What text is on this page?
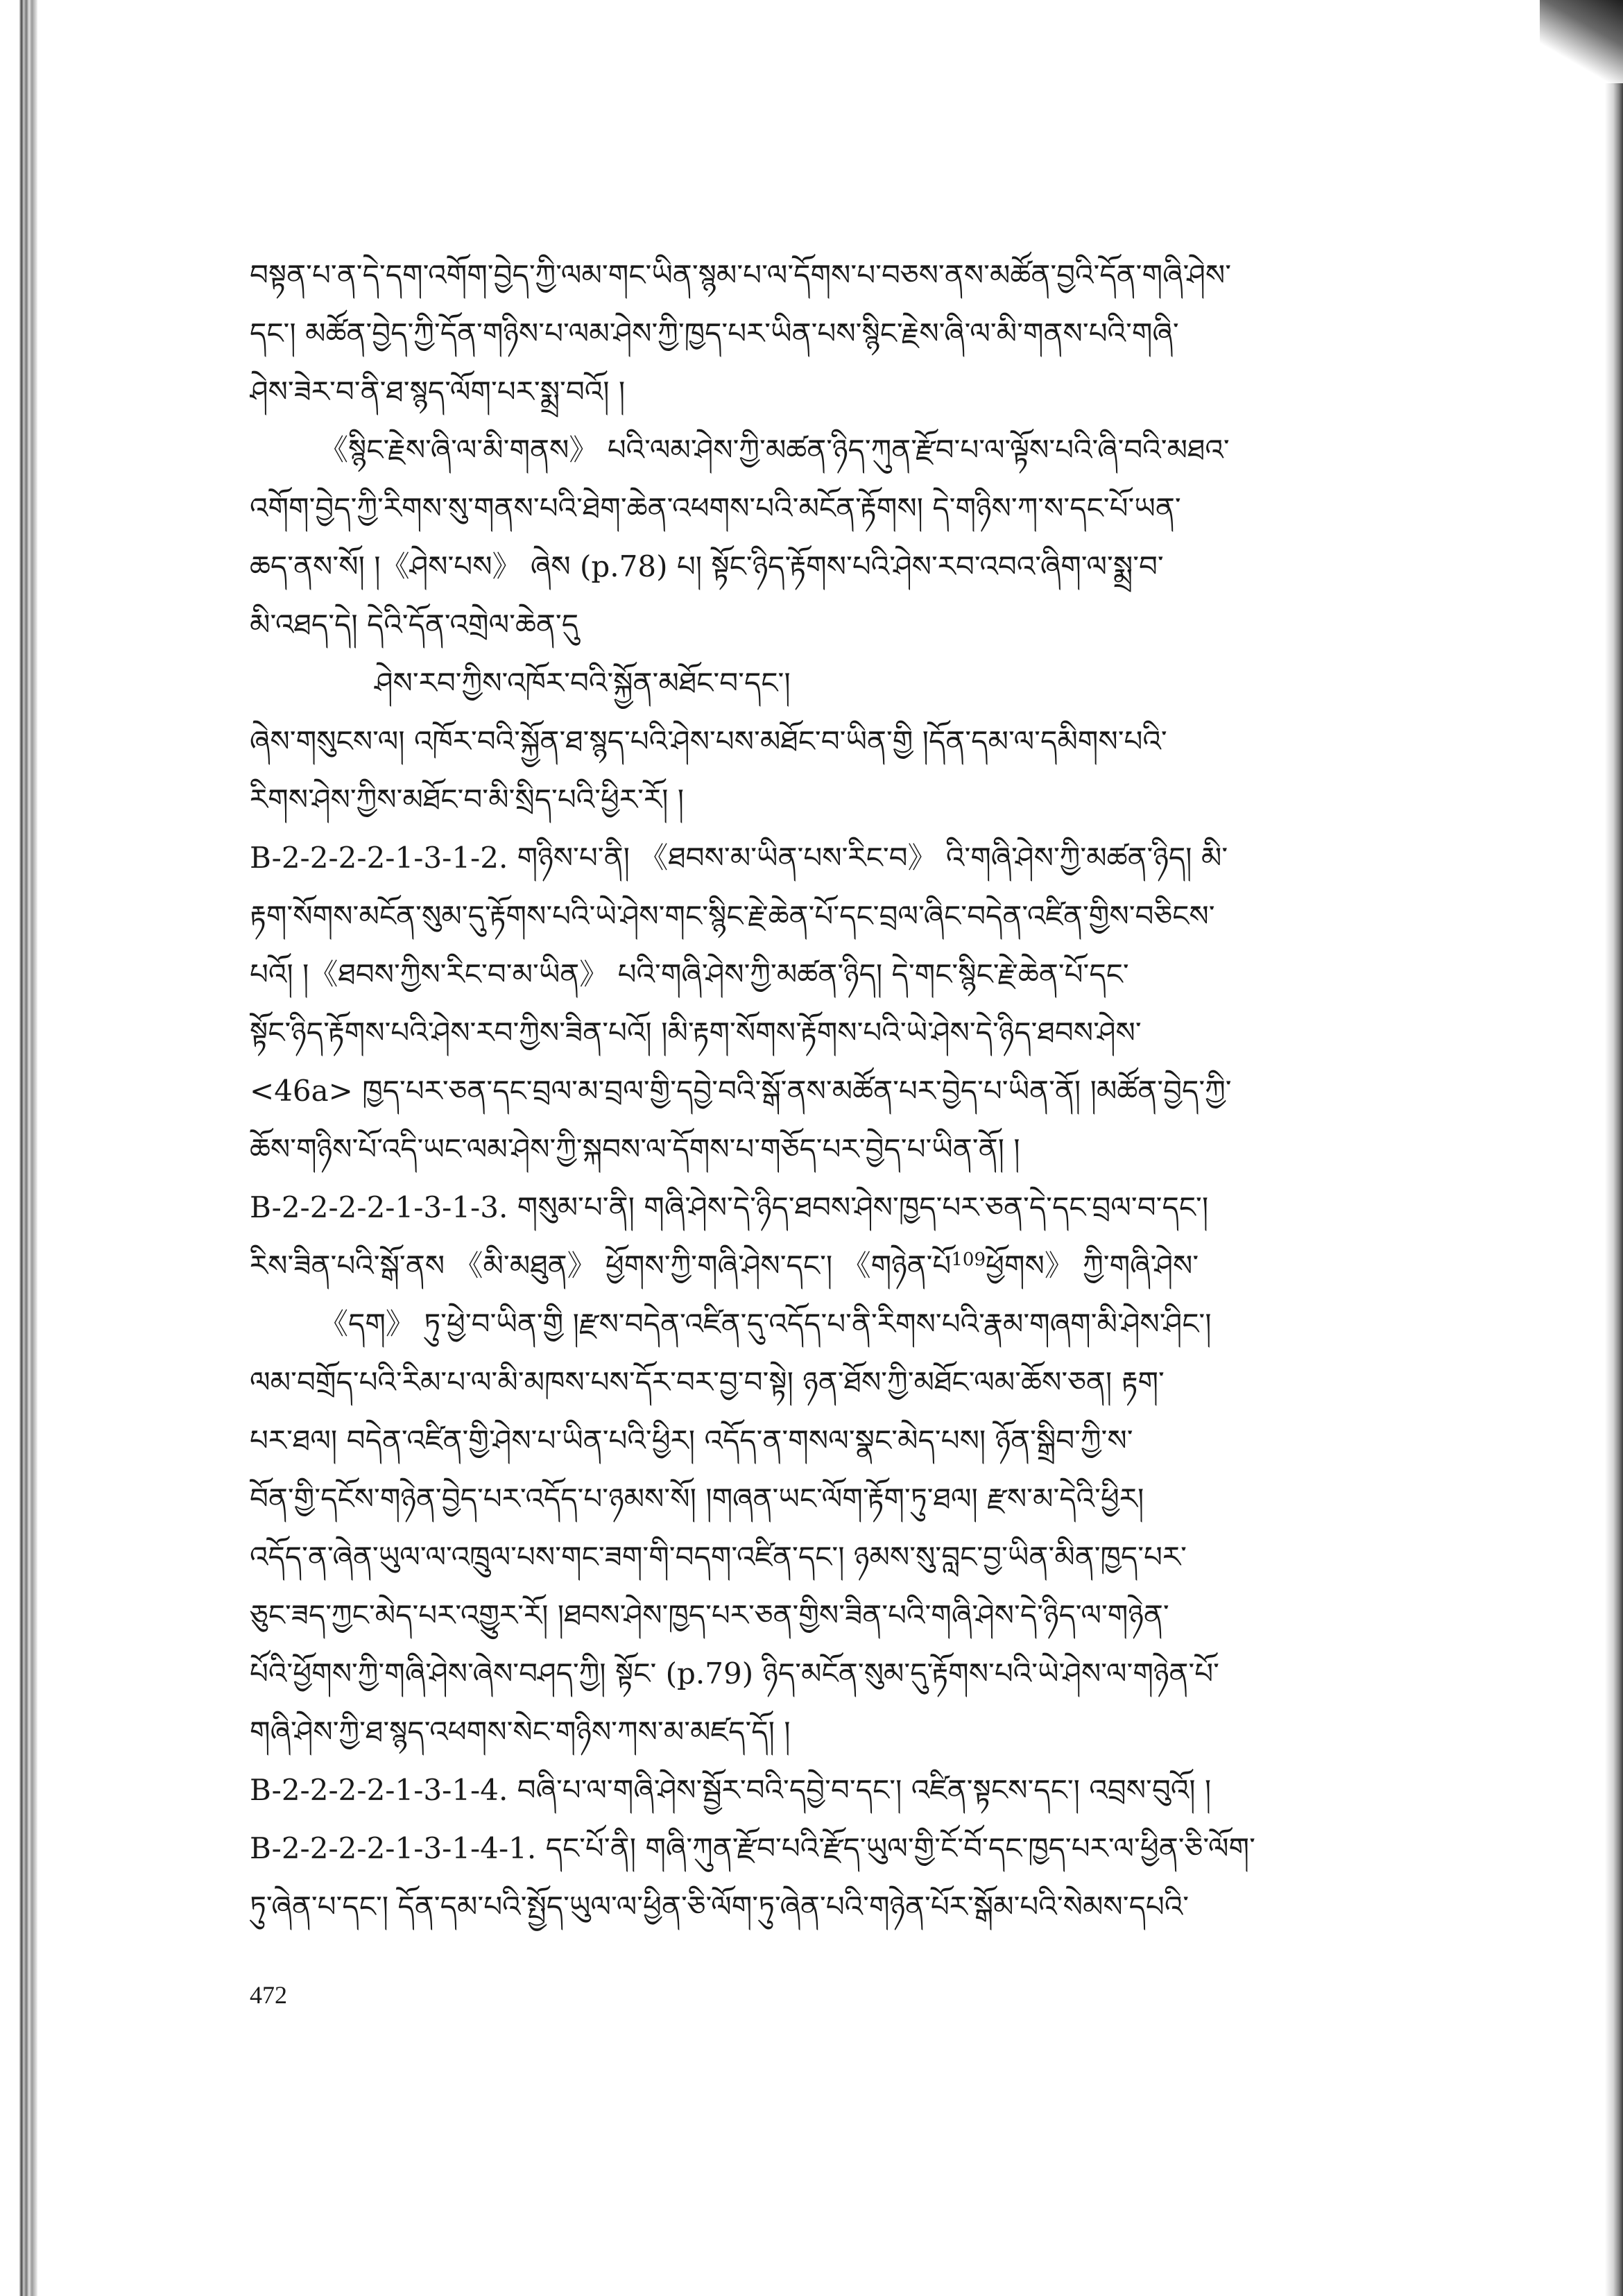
བསྟན་པ་ན་དེ་དག་འགོག་བྱེད་ཀྱི་ལམ་གང་ཡིན་སྙམ་པ་ལ་དོགས་པ་བཅས་ནས་མཚོན་བྱའི་དོན་གཞི་ཤེས་
དང་། མཚོན་བྱེད་ཀྱི་དོན་གཉིས་པ་ལམ་ཤེས་ཀྱི་ཁྱད་པར་ཡིན་པས་སྙིང་རྗེས་ཞི་ལ་མི་གནས་པའི་གཞི་
ཤེས་ཟེར་བ་ནི་ཐ་སྙད་ལོག་པར་སྨྲ་བའོ། །
《སྙིང་རྗེས་ཞི་ལ་མི་གནས》 པའི་ལམ་ཤེས་ཀྱི་མཚན་ཉིད་ཀུན་རྫོབ་པ་ལ་ལྟོས་པའི་ཞི་བའི་མཐའ་
འགོག་བྱེད་ཀྱི་རིགས་སུ་གནས་པའི་ཐེག་ཆེན་འཕགས་པའི་མངོན་རྟོགས། དེ་གཉིས་ཀ་ས་དང་པོ་ཡན་
ཆད་ནས་སོ། །《ཤེས་པས》 ཞེས (p.78) པ། སྟོང་ཉིད་རྟོགས་པའི་ཤེས་རབ་འབའ་ཞིག་ལ་སྨྲ་བ་
མི་འཐད་དེ། དེའི་དོན་འགྲེལ་ཆེན་དུ
ཤེས་རབ་ཀྱིས་འཁོར་བའི་སྐྱོན་མཐོང་བ་དང་།
ཞེས་གསུངས་ལ། འཁོར་བའི་སྐྱོན་ཐ་སྙད་པའི་ཤེས་པས་མཐོང་བ་ཡིན་གྱི །དོན་དམ་ལ་དམིགས་པའི་
རིགས་ཤེས་ཀྱིས་མཐོང་བ་མི་སྲིད་པའི་ཕྱིར་རོ། །
B-2-2-2-2-1-3-1-2. གཉིས་པ་ནི། 《ཐབས་མ་ཡིན་པས་རིང་བ》 འི་གཞི་ཤེས་ཀྱི་མཚན་ཉིད། མི་
རྟག་སོགས་མངོན་སུམ་དུ་རྟོགས་པའི་ཡེ་ཤེས་གང་སྙིང་རྗེ་ཆེན་པོ་དང་བྲལ་ཞིང་བདེན་འཛིན་གྱིས་བཅིངས་
པའོ། །《ཐབས་ཀྱིས་རིང་བ་མ་ཡིན》 པའི་གཞི་ཤེས་ཀྱི་མཚན་ཉིད། དེ་གང་སྙིང་རྗེ་ཆེན་པོ་དང་
སྟོང་ཉིད་རྟོགས་པའི་ཤེས་རབ་ཀྱིས་ཟིན་པའོ། །མི་རྟག་སོགས་རྟོགས་པའི་ཡེ་ཤེས་དེ་ཉིད་ཐབས་ཤེས་
<46a> ཁྱད་པར་ཅན་དང་བྲལ་མ་བྲལ་གྱི་དབྱེ་བའི་སྒོ་ནས་མཚོན་པར་བྱེད་པ་ཡིན་ནོ། །མཚོན་བྱེད་ཀྱི་
ཆོས་གཉིས་པོ་འདི་ཡང་ལམ་ཤེས་ཀྱི་སྐབས་ལ་དོགས་པ་གཅོད་པར་བྱེད་པ་ཡིན་ནོ། །
B-2-2-2-2-1-3-1-3. གསུམ་པ་ནི། གཞི་ཤེས་དེ་ཉིད་ཐབས་ཤེས་ཁྱད་པར་ཅན་དེ་དང་བྲལ་བ་དང་།
རིས་ཟིན་པའི་སྒོ་ནས 《མི་མཐུན》 ཕྱོགས་ཀྱི་གཞི་ཤེས་དང་། 《གཉེན་པོ$^{109}$ཕྱོགས》 ཀྱི་གཞི་ཤེས་
《དག》 ཏུ་ཕྱེ་བ་ཡིན་གྱི །རྫས་བདེན་འཛིན་དུ་འདོད་པ་ནི་རིགས་པའི་རྣམ་གཞག་མི་ཤེས་ཤིང་།
ལམ་བགྲོད་པའི་རིམ་པ་ལ་མི་མཁས་པས་དོར་བར་བྱ་བ་སྟེ། ཉན་ཐོས་ཀྱི་མཐོང་ལམ་ཆོས་ཅན། རྟག་
པར་ཐལ། བདེན་འཛིན་གྱི་ཤེས་པ་ཡིན་པའི་ཕྱིར། འདོད་ན་གསལ་སྣང་མེད་པས། ཉོན་སྒྲིབ་ཀྱི་ས་
བོན་གྱི་དངོས་གཉེན་བྱེད་པར་འདོད་པ་ཉམས་སོ། །གཞན་ཡང་ལོག་རྟོག་ཏུ་ཐལ། རྫས་མ་དེའི་ཕྱིར།
འདོད་ན་ཞེན་ཡུལ་ལ་འཁྲུལ་པས་གང་ཟག་གི་བདག་འཛིན་དང་། ཉམས་སུ་བླང་བྱ་ཡིན་མིན་ཁྱད་པར་
ཅུང་ཟད་ཀྱང་མེད་པར་འགྱུར་རོ། །ཐབས་ཤེས་ཁྱད་པར་ཅན་གྱིས་ཟིན་པའི་གཞི་ཤེས་དེ་ཉིད་ལ་གཉེན་
པོའི་ཕྱོགས་ཀྱི་གཞི་ཤེས་ཞེས་བཤད་ཀྱི། སྟོང་ (p.79) ཉིད་མངོན་སུམ་དུ་རྟོགས་པའི་ཡེ་ཤེས་ལ་གཉེན་པོ་
གཞི་ཤེས་ཀྱི་ཐ་སྙད་འཕགས་སེང་གཉིས་ཀས་མ་མཛད་དོ། །
B-2-2-2-2-1-3-1-4. བཞི་པ་ལ་གཞི་ཤེས་སྦྱོར་བའི་དབྱེ་བ་དང་། འཛིན་སྟངས་དང་། འབྲས་བུའོ། །
B-2-2-2-2-1-3-1-4-1. དང་པོ་ནི། གཞི་ཀུན་རྫོབ་པའི་རྫོད་ཡུལ་གྱི་ངོ་བོ་དང་ཁྱད་པར་ལ་ཕྱིན་ཅི་ལོག་
ཏུ་ཞེན་པ་དང་། དོན་དམ་པའི་སྤྱོད་ཡུལ་ལ་ཕྱིན་ཅི་ལོག་ཏུ་ཞེན་པའི་གཉེན་པོར་སྒོམ་པའི་སེམས་དཔའི་
472
